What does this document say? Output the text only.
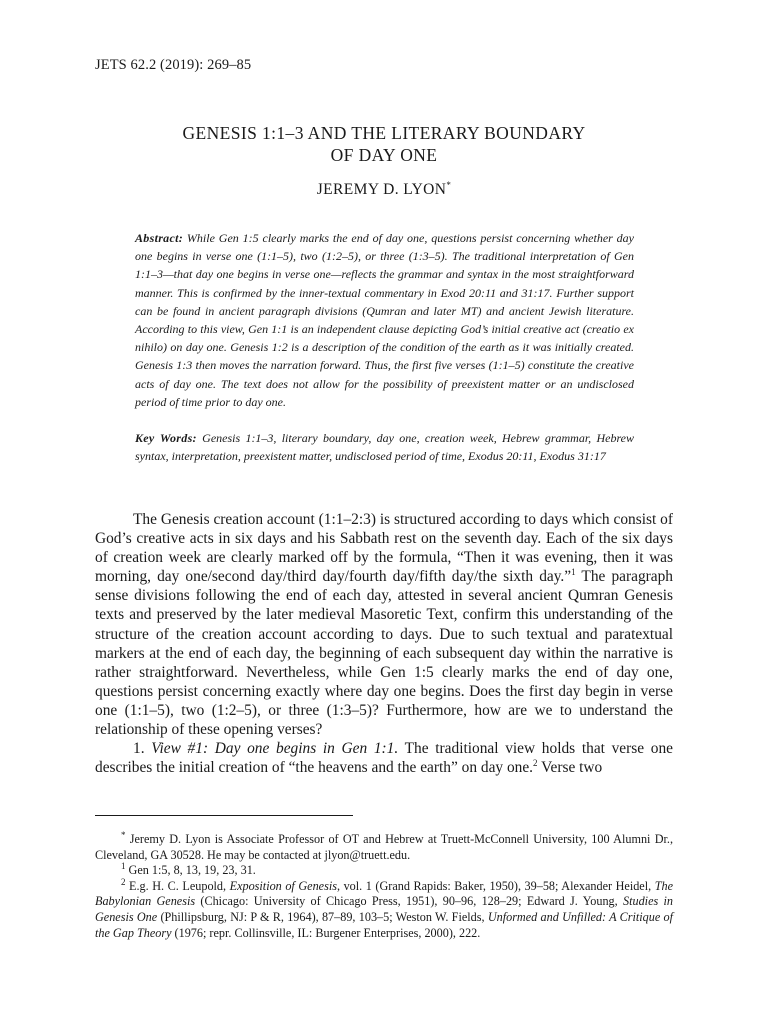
JETS 62.2 (2019): 269–85
GENESIS 1:1–3 AND THE LITERARY BOUNDARY
OF DAY ONE
JEREMY D. LYON*
Abstract: While Gen 1:5 clearly marks the end of day one, questions persist concerning whether day one begins in verse one (1:1–5), two (1:2–5), or three (1:3–5). The traditional interpretation of Gen 1:1–3—that day one begins in verse one—reflects the grammar and syntax in the most straightforward manner. This is confirmed by the inner-textual commentary in Exod 20:11 and 31:17. Further support can be found in ancient paragraph divisions (Qumran and later MT) and ancient Jewish literature. According to this view, Gen 1:1 is an independent clause depicting God’s initial creative act (creatio ex nihilo) on day one. Genesis 1:2 is a description of the condition of the earth as it was initially created. Genesis 1:3 then moves the narration forward. Thus, the first five verses (1:1–5) constitute the creative acts of day one. The text does not allow for the possibility of preexistent matter or an undisclosed period of time prior to day one.
Key Words: Genesis 1:1–3, literary boundary, day one, creation week, Hebrew grammar, Hebrew syntax, interpretation, preexistent matter, undisclosed period of time, Exodus 20:11, Exodus 31:17

The Genesis creation account (1:1–2:3) is structured according to days which consist of God’s creative acts in six days and his Sabbath rest on the seventh day. Each of the six days of creation week are clearly marked off by the formula, “Then it was evening, then it was morning, day one/second day/third day/fourth day/fifth day/the sixth day.”$^1$ The paragraph sense divisions following the end of each day, attested in several ancient Qumran Genesis texts and preserved by the later medieval Masoretic Text, confirm this understanding of the structure of the creation account according to days. Due to such textual and paratextual markers at the end of each day, the beginning of each subsequent day within the narrative is rather straightforward. Nevertheless, while Gen 1:5 clearly marks the end of day one, questions persist concerning exactly where day one begins. Does the first day begin in verse one (1:1–5), two (1:2–5), or three (1:3–5)? Furthermore, how are we to understand the relationship of these opening verses?

1. View #1: Day one begins in Gen 1:1. The traditional view holds that verse one describes the initial creation of “the heavens and the earth” on day one.$^2$ Verse two

* Jeremy D. Lyon is Associate Professor of OT and Hebrew at Truett-McConnell University, 100 Alumni Dr., Cleveland, GA 30528. He may be contacted at jlyon@truett.edu.

$^1$ Gen 1:5, 8, 13, 19, 23, 31.

$^2$ E.g. H. C. Leupold, Exposition of Genesis, vol. 1 (Grand Rapids: Baker, 1950), 39–58; Alexander Heidel, The Babylonian Genesis (Chicago: University of Chicago Press, 1951), 90–96, 128–29; Edward J. Young, Studies in Genesis One (Phillipsburg, NJ: P & R, 1964), 87–89, 103–5; Weston W. Fields, Unformed and Unfilled: A Critique of the Gap Theory (1976; repr. Collinsville, IL: Burgener Enterprises, 2000), 222.
